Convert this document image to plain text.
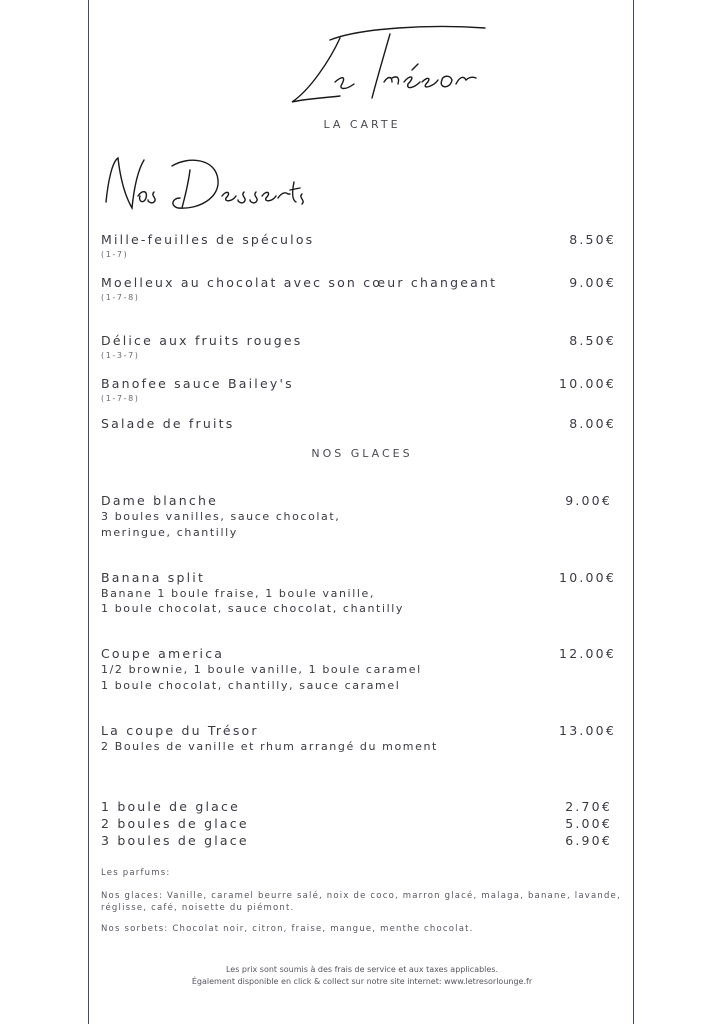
LA CARTE
Mille-feuilles de spéculos	8.50€
(1-7)
Moelleux au chocolat avec son cœur changeant	9.00€
(1-7-8)
Délice aux fruits rouges	8.50€
(1-3-7)
Banofee sauce Bailey's	10.00€
(1-7-8)
Salade de fruits	8.00€
NOS GLACES
Dame blanche	9.00€
3 boules vanilles, sauce chocolat,
meringue, chantilly
Banana split	10.00€
Banane 1 boule fraise, 1 boule vanille,
1 boule chocolat, sauce chocolat, chantilly
Coupe america	12.00€
1/2 brownie, 1 boule vanille, 1 boule caramel
1 boule chocolat, chantilly, sauce caramel
La coupe du Trésor	13.00€
2 Boules de vanille et rhum arrangé du moment
1 boule de glace	2.70€
2 boules de glace	5.00€
3 boules de glace	6.90€
Les parfums:
Nos glaces: Vanille, caramel beurre salé, noix de coco, marron glacé, malaga, banane, lavande, réglisse, café, noisette du piémont.
Nos sorbets: Chocolat noir, citron, fraise, mangue, menthe chocolat.
Les prix sont soumis à des frais de service et aux taxes applicables.
Également disponible en click & collect sur notre site internet: www.letresorlounge.fr
